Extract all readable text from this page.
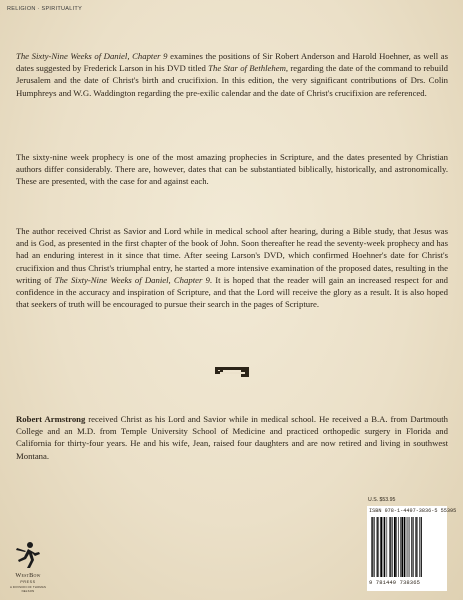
RELIGION · SPIRITUALITY

The Sixty-Nine Weeks of Daniel, Chapter 9 examines the positions of Sir Robert Anderson and Harold Hoehner, as well as dates suggested by Frederick Larson in his DVD titled The Star of Bethlehem, regarding the date of the command to rebuild Jerusalem and the date of Christ's birth and crucifixion. In this edition, the very significant contributions of Drs. Colin Humphreys and W.G. Waddington regarding the pre-exilic calendar and the date of Christ's crucifixion are referenced.

The sixty-nine week prophecy is one of the most amazing prophecies in Scripture, and the dates presented by Christian authors differ considerably. There are, however, dates that can be substantiated biblically, historically, and astronomically. These are presented, with the case for and against each.

The author received Christ as Savior and Lord while in medical school after hearing, during a Bible study, that Jesus was and is God, as presented in the first chapter of the book of John. Soon thereafter he read the seventy-week prophecy and has had an enduring interest in it since that time. After seeing Larson's DVD, which confirmed Hoehner's date for Christ's crucifixion and thus Christ's triumphal entry, he started a more intensive examination of the proposed dates, resulting in the writing of The Sixty-Nine Weeks of Daniel, Chapter 9. It is hoped that the reader will gain an increased respect for and confidence in the accuracy and inspiration of Scripture, and that the Lord will receive the glory as a result. It is also hoped that seekers of truth will be encouraged to pursue their search in the pages of Scripture.

Robert Armstrong received Christ as his Lord and Savior while in medical school. He received a B.A. from Dartmouth College and an M.D. from Temple University School of Medicine and practiced orthopedic surgery in Florida and California for thirty-four years. He and his wife, Jean, raised four daughters and are now retired and living in southwest Montana.

U.S. $53.95
ISBN 978-1-4497-3836-5 55395
9 781449 738365
WestBow
PRESS
A DIVISION OF THOMAS NELSON
